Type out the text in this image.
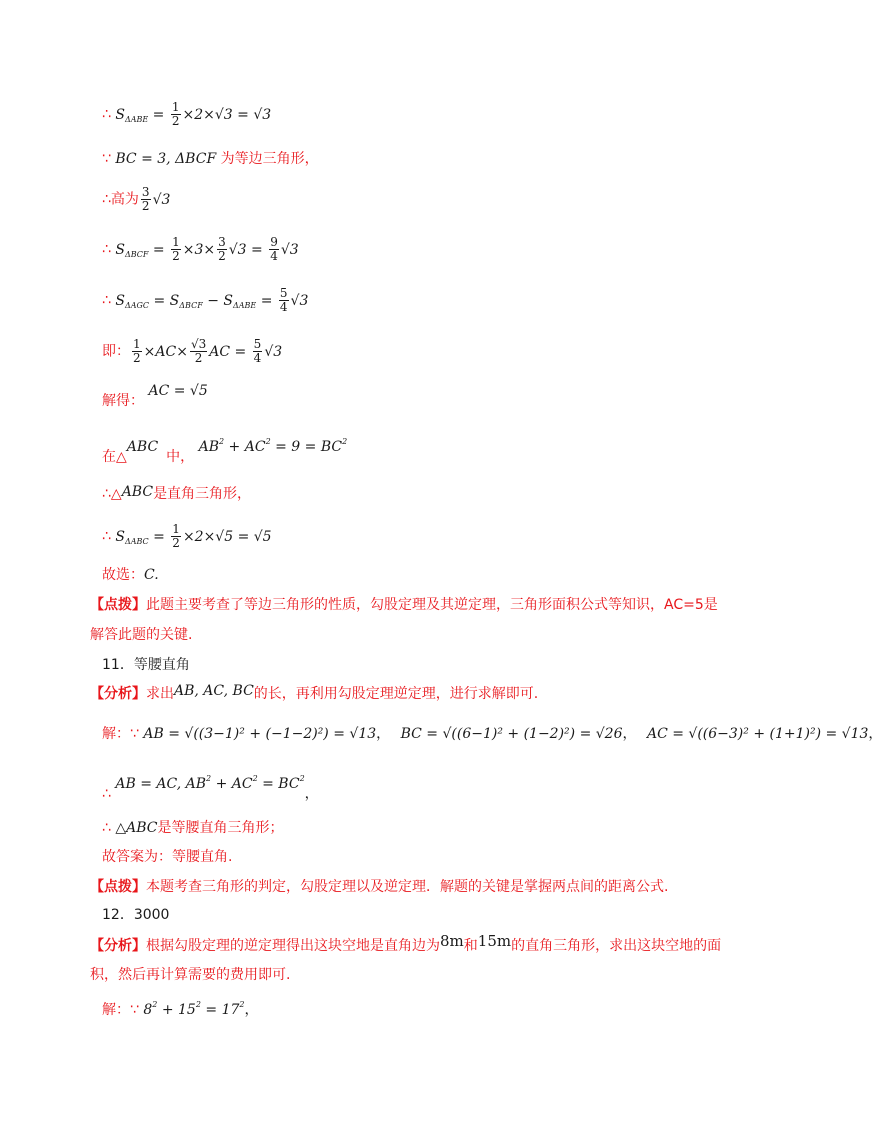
∴ $S_{\Delta ABE} = \frac{1}{2} \times 2\times√3 = √3$
∵ BC = 3, ΔBCF 为等边三角形，
∴高为 $\frac{3}{2} √3$
∴ $S_{\Delta BCF} = \frac{1}{2} \times 3\times \frac{3}{2} √3 = \frac{9}{4} √3$
∴ $S_{\Delta AGC} = S_{\Delta BCF} - S_{\Delta ABE} = \frac{5}{4} √3$
即： $\frac{1}{2} \times AC\times \frac{√3}{2}$ AC = $\frac{5}{4} √3$
解得： AC = √5
在△ABC中， $AB^2 + AC^2 = 9 = BC^2$
∴△ABC是直角三角形，
∴ $S_{\Delta ABC} = \frac{1}{2} \times 2\times√5 = √5$
故选：C.
【点拨】此题主要考查了等边三角形的性质，勾股定理及其逆定理，三角形面积公式等知识，AC=5是
解答此题的关键.
11．等腰直角
【分析】求出AB, AC, BC的长，再利用勾股定理逆定理，进行求解即可.
解：∵ AB = √((3−1)² + (−1−2)²) = √13， BC = √((6−1)² + (1−2)²) = √26， AC = √((6−3)² + (1+1)²) = √13，
∴ AB = AC, $AB^2 + AC^2 = BC^2$，
∴ △ABC是等腰直角三角形；
故答案为：等腰直角.
【点拨】本题考查三角形的判定，勾股定理以及逆定理．解题的关键是掌握两点间的距离公式.
12．3000
【分析】根据勾股定理的逆定理得出这块空地是直角边为8m和15m的直角三角形，求出这块空地的面
积，然后再计算需要的费用即可.
解：∵ $8^2 + 15^2 = 17^2$，
